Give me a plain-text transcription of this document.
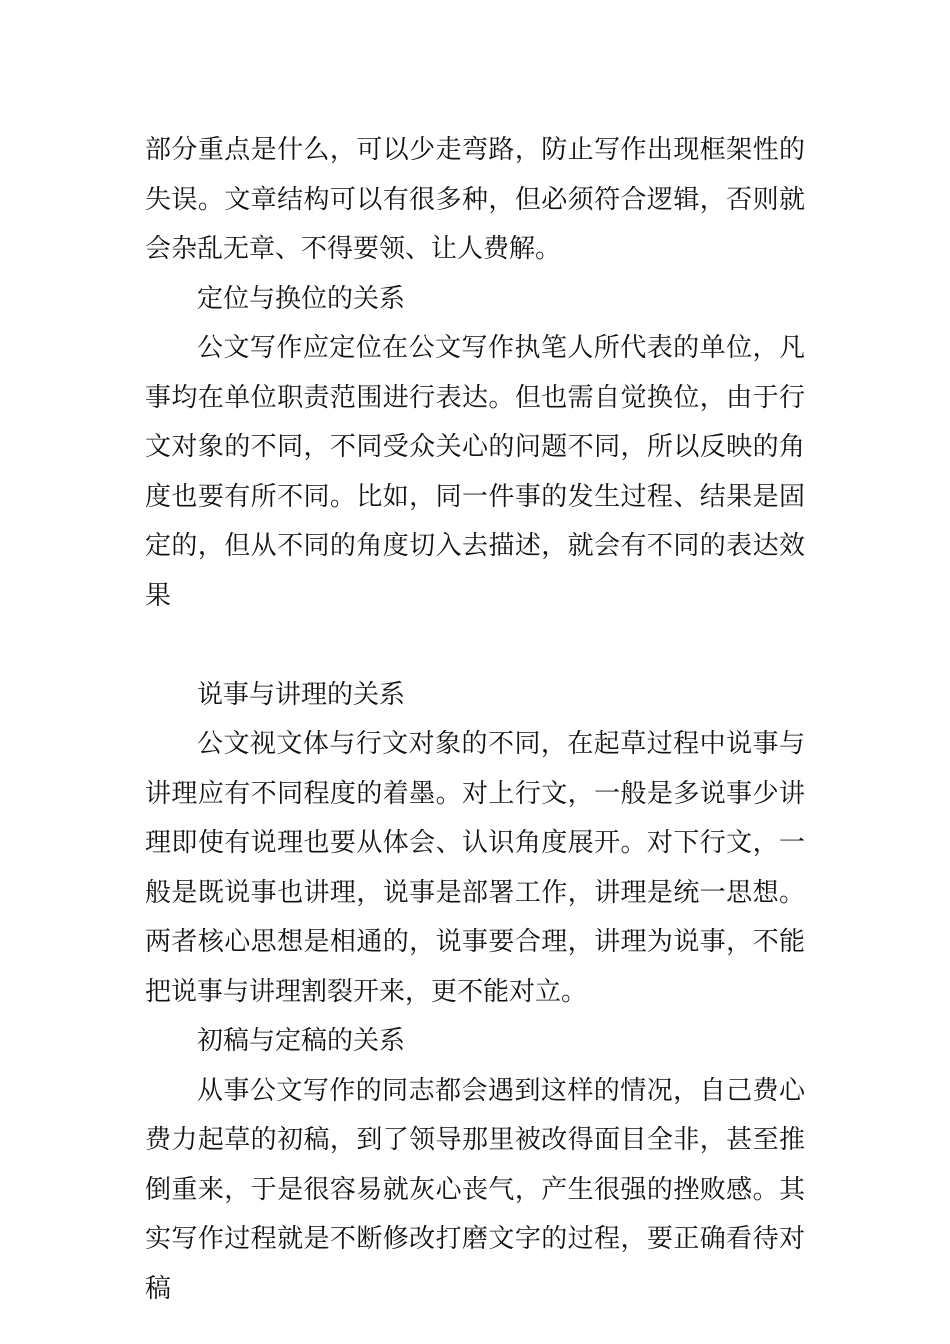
部分重点是什么，可以少走弯路，防止写作出现框架性的失误。文章结构可以有很多种，但必须符合逻辑，否则就会杂乱无章、不得要领、让人费解。

定位与换位的关系

公文写作应定位在公文写作执笔人所代表的单位，凡事均在单位职责范围进行表达。但也需自觉换位，由于行文对象的不同，不同受众关心的问题不同，所以反映的角度也要有所不同。比如，同一件事的发生过程、结果是固定的，但从不同的角度切入去描述，就会有不同的表达效果

说事与讲理的关系

公文视文体与行文对象的不同，在起草过程中说事与讲理应有不同程度的着墨。对上行文，一般是多说事少讲理即使有说理也要从体会、认识角度展开。对下行文，一般是既说事也讲理，说事是部署工作，讲理是统一思想。两者核心思想是相通的，说事要合理，讲理为说事，不能把说事与讲理割裂开来，更不能对立。

初稿与定稿的关系

从事公文写作的同志都会遇到这样的情况，自己费心费力起草的初稿，到了领导那里被改得面目全非，甚至推倒重来，于是很容易就灰心丧气，产生很强的挫败感。其实写作过程就是不断修改打磨文字的过程，要正确看待对稿
